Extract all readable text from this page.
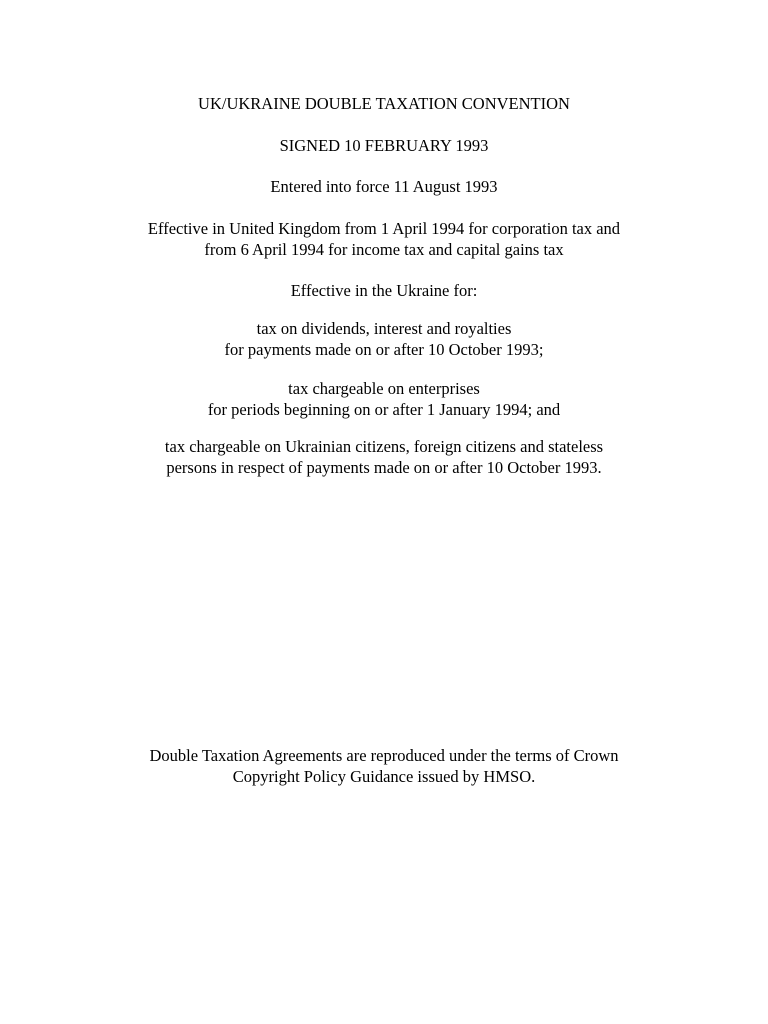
UK/UKRAINE DOUBLE TAXATION CONVENTION

SIGNED 10 FEBRUARY 1993

Entered into force 11 August 1993

Effective in United Kingdom from 1 April 1994 for corporation tax and

from 6 April 1994 for income tax and capital gains tax

Effective in the Ukraine for:

tax on dividends, interest and royalties

for payments made on or after 10 October 1993;

tax chargeable on enterprises

for periods beginning on or after 1 January 1994; and

tax chargeable on Ukrainian citizens, foreign citizens and stateless

persons in respect of payments made on or after 10 October 1993.

Double Taxation Agreements are reproduced under the terms of Crown

Copyright Policy Guidance issued by HMSO.
